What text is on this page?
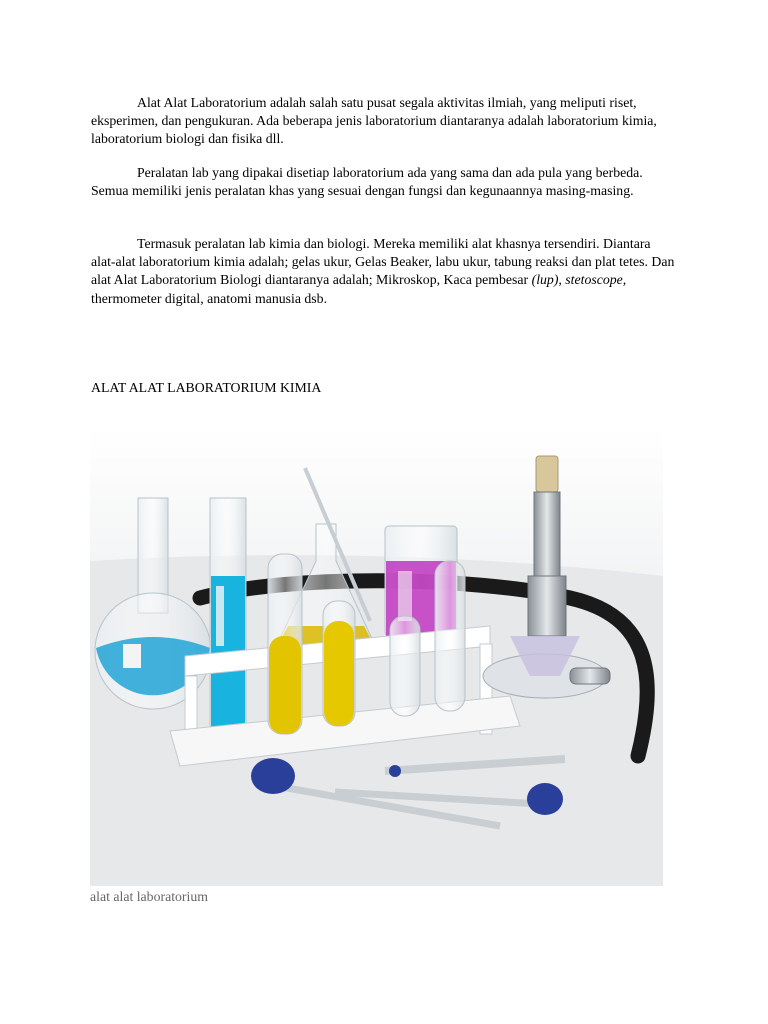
Alat Alat Laboratorium adalah salah satu pusat segala aktivitas ilmiah, yang meliputi riset, eksperimen, dan pengukuran. Ada beberapa jenis laboratorium diantaranya adalah laboratorium kimia, laboratorium biologi dan fisika dll.

Peralatan lab yang dipakai disetiap laboratorium ada yang sama dan ada pula yang berbeda. Semua memiliki jenis peralatan khas yang sesuai dengan fungsi dan kegunaannya masing-masing.

Termasuk peralatan lab kimia dan biologi. Mereka memiliki alat khasnya tersendiri. Diantara alat-alat laboratorium kimia adalah; gelas ukur, Gelas Beaker, labu ukur, tabung reaksi dan plat tetes. Dan alat Alat Laboratorium Biologi diantaranya adalah; Mikroskop, Kaca pembesar (lup), stetoscope, thermometer digital, anatomi manusia dsb.

ALAT ALAT LABORATORIUM KIMIA

alat alat laboratorium
